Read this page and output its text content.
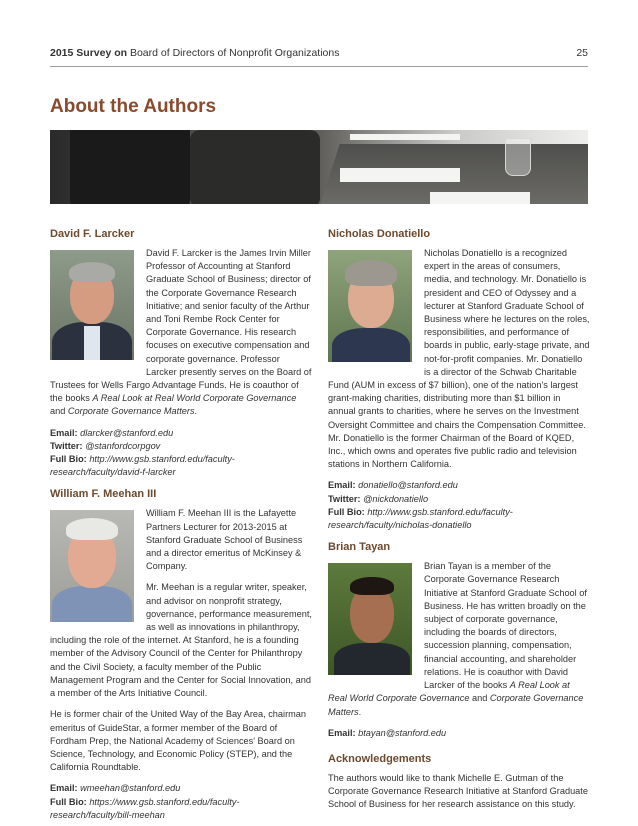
2015 Survey on Board of Directors of Nonprofit Organizations	25
About the Authors
David F. Larcker

David F. Larcker is the James Irvin Miller Professor of Accounting at Stanford Graduate School of Business; director of the Corporate Governance Research Initiative; and senior faculty of the Arthur and Toni Rembe Rock Center for Corporate Governance. His research focuses on executive compensation and corporate governance. Professor Larcker presently serves on the Board of Trustees for Wells Fargo Advantage Funds. He is coauthor of the books A Real Look at Real World Corporate Governance and Corporate Governance Matters.

Email: dlarcker@stanford.edu

Twitter: @stanfordcorpgov

Full Bio: http://www.gsb.stanford.edu/faculty-research/faculty/david-f-larcker

William F. Meehan III

William F. Meehan III is the Lafayette Partners Lecturer for 2013-2015 at Stanford Graduate School of Business and a director emeritus of McKinsey & Company.

Mr. Meehan is a regular writer, speaker, and advisor on nonprofit strategy, governance, performance measurement, as well as innovations in philanthropy, including the role of the internet. At Stanford, he is a founding member of the Advisory Council of the Center for Philanthropy and the Civil Society, a faculty member of the Public Management Program and the Center for Social Innovation, and a member of the Arts Initiative Council.

He is former chair of the United Way of the Bay Area, chairman emeritus of GuideStar, a former member of the Board of Fordham Prep, the National Academy of Sciences' Board on Science, Technology, and Economic Policy (STEP), and the California Roundtable.

Email: wmeehan@stanford.edu

Full Bio: https://www.gsb.stanford.edu/faculty-research/faculty/bill-meehan

Nicholas Donatiello

Nicholas Donatiello is a recognized expert in the areas of consumers, media, and technology. Mr. Donatiello is president and CEO of Odyssey and a lecturer at Stanford Graduate School of Business where he lectures on the roles, responsibilities, and performance of boards in public, early-stage private, and not-for-profit companies. Mr. Donatiello is a director of the Schwab Charitable Fund (AUM in excess of $7 billion), one of the nation's largest grant-making charities, distributing more than $1 billion in annual grants to charities, where he serves on the Investment Oversight Committee and chairs the Compensation Committee. Mr. Donatiello is the former Chairman of the Board of KQED, Inc., which owns and operates five public radio and television stations in Northern California.

Email: donatiello@stanford.edu

Twitter: @nickdonatiello

Full Bio: http://www.gsb.stanford.edu/faculty-research/faculty/nicholas-donatiello

Brian Tayan

Brian Tayan is a member of the Corporate Governance Research Initiative at Stanford Graduate School of Business. He has written broadly on the subject of corporate governance, including the boards of directors, succession planning, compensation, financial accounting, and shareholder relations. He is coauthor with David Larcker of the books A Real Look at Real World Corporate Governance and Corporate Governance Matters.

Email: btayan@stanford.edu

Acknowledgements

The authors would like to thank Michelle E. Gutman of the Corporate Governance Research Initiative at Stanford Graduate School of Business for her research assistance on this study.
